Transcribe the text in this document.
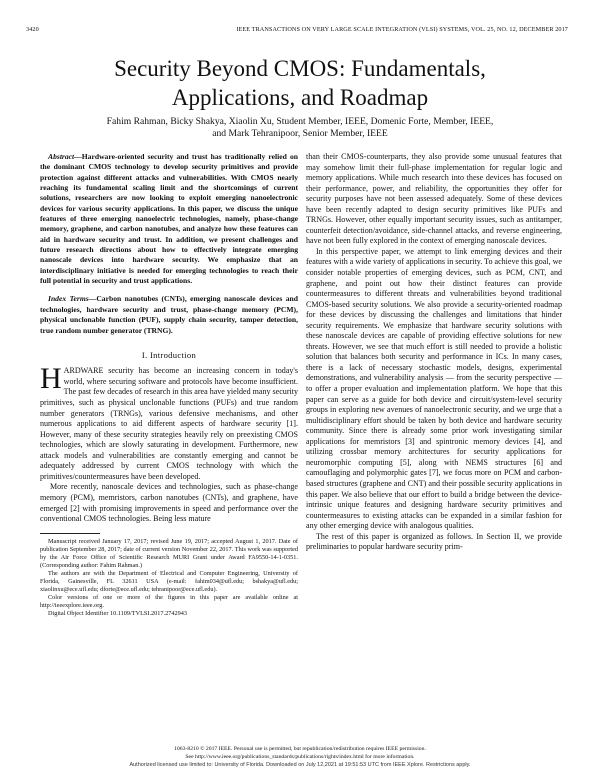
3420	IEEE TRANSACTIONS ON VERY LARGE SCALE INTEGRATION (VLSI) SYSTEMS, VOL. 25, NO. 12, DECEMBER 2017
Security Beyond CMOS: Fundamentals,
Applications, and Roadmap
Fahim Rahman, Bicky Shakya, Xiaolin Xu, Student Member, IEEE, Domenic Forte, Member, IEEE,
and Mark Tehranipoor, Senior Member, IEEE

Abstract—Hardware-oriented security and trust has traditionally relied on the dominant CMOS technology to develop security primitives and provide protection against different attacks and vulnerabilities. With CMOS nearly reaching its fundamental scaling limit and the shortcomings of current solutions, researchers are now looking to exploit emerging nanoelectronic devices for various security applications. In this paper, we discuss the unique features of three emerging nanoelectric technologies, namely, phase-change memory, graphene, and carbon nanotubes, and analyze how these features can aid in hardware security and trust. In addition, we present challenges and future research directions about how to effectively integrate emerging nanoscale devices into hardware security. We emphasize that an interdisciplinary initiative is needed for emerging technologies to reach their full potential in security and trust applications.

Index Terms—Carbon nanotubes (CNTs), emerging nanoscale devices and technologies, hardware security and trust, phase-change memory (PCM), physical unclonable function (PUF), supply chain security, tamper detection, true random number generator (TRNG).

I. Introduction

HARDWARE security has become an increasing concern in today's world, where securing software and protocols have become insufficient. The past few decades of research in this area have yielded many security primitives, such as physical unclonable functions (PUFs) and true random number generators (TRNGs), various defensive mechanisms, and other numerous applications to aid different aspects of hardware security [1]. However, many of these security strategies heavily rely on preexisting CMOS technologies, which are slowly saturating in development. Furthermore, new attack models and vulnerabilities are constantly emerging and cannot be adequately addressed by current CMOS technology with which the primitives/countermeasures have been developed.

More recently, nanoscale devices and technologies, such as phase-change memory (PCM), memristors, carbon nanotubes (CNTs), and graphene, have emerged [2] with promising improvements in speed and performance over the conventional CMOS technologies. Being less mature

Manuscript received January 17, 2017; revised June 19, 2017; accepted August 1, 2017. Date of publication September 28, 2017; date of current version November 22, 2017. This work was supported by the Air Force Office of Scientific Research MURI Grant under Award FA9550-14-1-0351. (Corresponding author: Fahim Rahman.)

The authors are with the Department of Electrical and Computer Engineering, University of Florida, Gainesville, FL 32611 USA (e-mail: fahim034@ufl.edu; bshakya@ufl.edu; xiaolinxu@ece.ufl.edu; dforte@ece.ufl.edu; tehranipoor@ece.ufl.edu).

Color versions of one or more of the figures in this paper are available online at http://ieeexplore.ieee.org.

Digital Object Identifier 10.1109/TVLSI.2017.2742943

than their CMOS-counterparts, they also provide some unusual features that may somehow limit their full-phase implementation for regular logic and memory applications. While much research into these devices has focused on their performance, power, and reliability, the opportunities they offer for security purposes have not been assessed adequately. Some of these devices have been recently adapted to design security primitives like PUFs and TRNGs. However, other equally important security issues, such as antitamper, counterfeit detection/avoidance, side-channel attacks, and reverse engineering, have not been fully explored in the context of emerging nanoscale devices.

In this perspective paper, we attempt to link emerging devices and their features with a wide variety of applications in security. To achieve this goal, we consider notable properties of emerging devices, such as PCM, CNT, and graphene, and point out how their distinct features can provide countermeasures to different threats and vulnerabilities beyond traditional CMOS-based security solutions. We also provide a security-oriented roadmap for these devices by discussing the challenges and limitations that hinder security requirements. We emphasize that hardware security solutions with these nanoscale devices are capable of providing effective solutions for new threats. However, we see that much effort is still needed to provide a holistic solution that balances both security and performance in ICs. In many cases, there is a lack of necessary stochastic models, designs, experimental demonstrations, and vulnerability analysis — from the security perspective — to offer a proper evaluation and implementation platform. We hope that this paper can serve as a guide for both device and circuit/system-level security groups in exploring new avenues of nanoelectronic security, and we urge that a multidisciplinary effort should be taken by both device and hardware security community. Since there is already some prior work investigating similar applications for memristors [3] and spintronic memory devices [4], and utilizing crossbar memory architectures for security applications for neuromorphic computing [5], along with NEMS structures [6] and camouflaging and polymorphic gates [7], we focus more on PCM and carbon-based structures (graphene and CNT) and their possible security applications in this paper. We also believe that our effort to build a bridge between the device-intrinsic unique features and designing hardware security primitives and countermeasures to existing attacks can be expanded in a similar fashion for any other emerging device with analogous qualities.

The rest of this paper is organized as follows. In Section II, we provide preliminaries to popular hardware security prim-

1063-8210 © 2017 IEEE. Personal use is permitted, but republication/redistribution requires IEEE permission.
See http://www.ieee.org/publications_standards/publications/rights/index.html for more information.
Authorized licensed use limited to: University of Florida. Downloaded on July 12,2021 at 19:51:53 UTC from IEEE Xplore. Restrictions apply.
